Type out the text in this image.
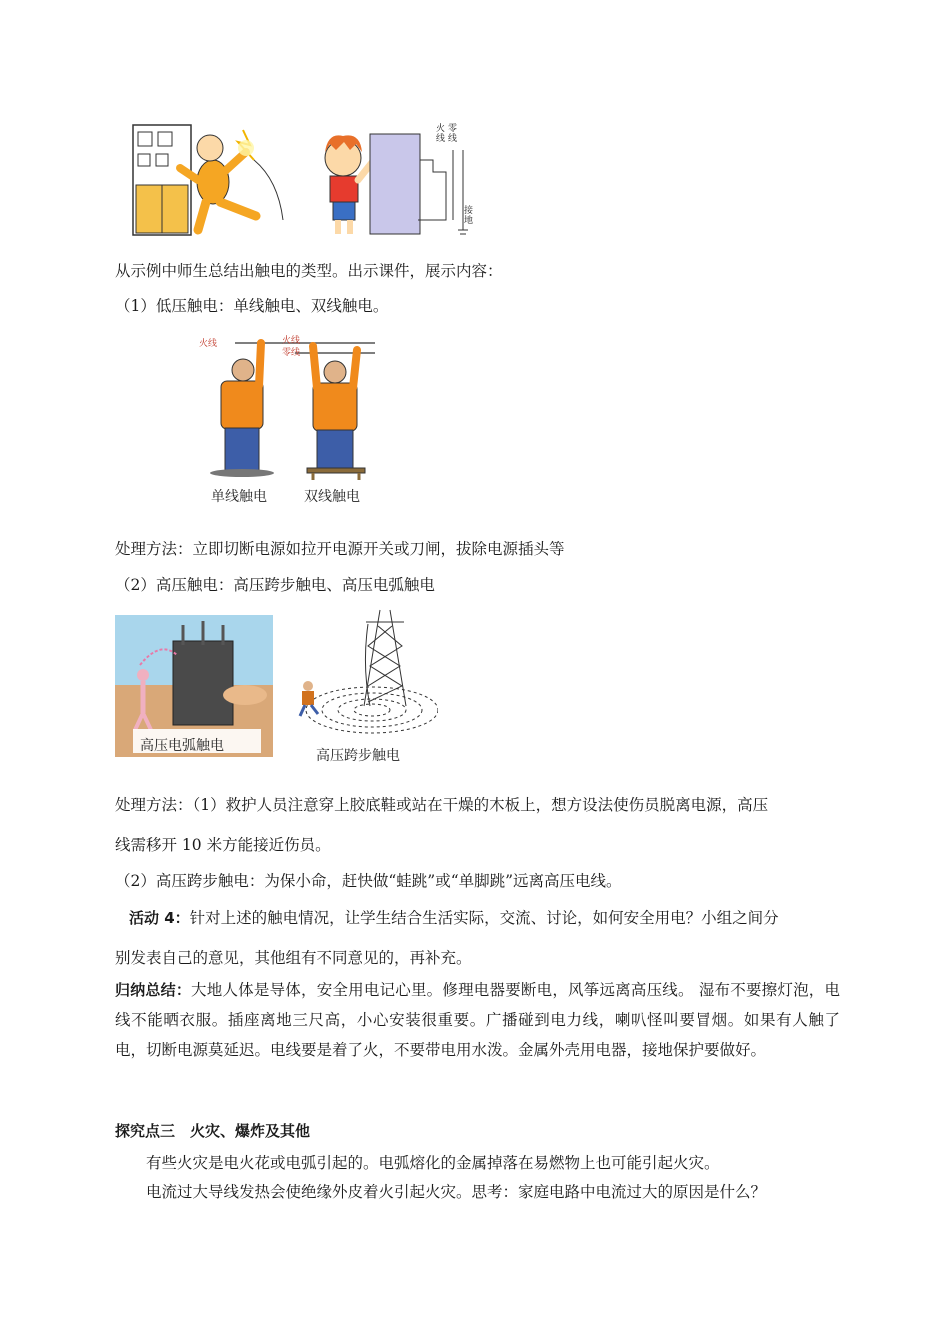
火线
零线
接地
从示例中师生总结出触电的类型。出示课件，展示内容：
（1）低压触电：单线触电、双线触电。
火线	火线
零线
单线触电	双线触电
处理方法：立即切断电源如拉开电源开关或刀闸，拔除电源插头等
（2）高压触电：高压跨步触电、高压电弧触电
高压电弧触电
高压跨步触电
处理方法：（1）救护人员注意穿上胶底鞋或站在干燥的木板上，想方设法使伤员脱离电源，高压
线需移开 10 米方能接近伤员。
（2）高压跨步触电：为保小命，赶快做“蛙跳”或“单脚跳”远离高压电线。
活动 4：针对上述的触电情况，让学生结合生活实际，交流、讨论，如何安全用电？小组之间分
别发表自己的意见，其他组有不同意见的，再补充。
归纳总结：大地人体是导体，安全用电记心里。修理电器要断电，风筝远离高压线。 湿布不要擦灯泡，电线不能晒衣服。插座离地三尺高，小心安装很重要。广播碰到电力线，喇叭怪叫要冒烟。如果有人触了电，切断电源莫延迟。电线要是着了火，不要带电用水泼。金属外壳用电器，接地保护要做好。
探究点三　火灾、爆炸及其他
有些火灾是电火花或电弧引起的。电弧熔化的金属掉落在易燃物上也可能引起火灾。
电流过大导线发热会使绝缘外皮着火引起火灾。思考：家庭电路中电流过大的原因是什么？
